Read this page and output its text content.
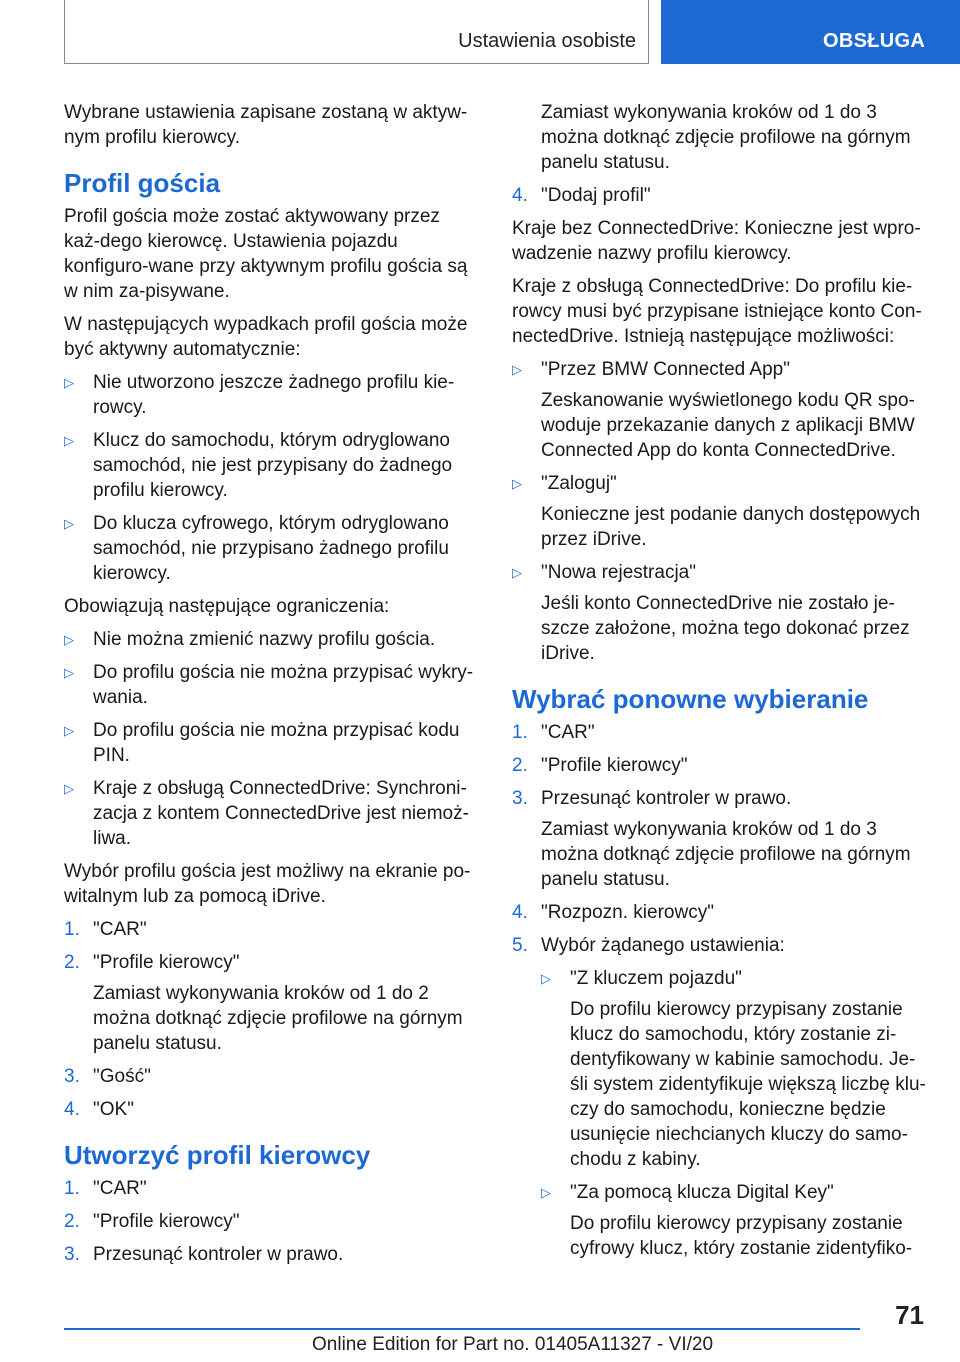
Ustawienia osobiste	OBSŁUGA

Wybrane ustawienia zapisane zostaną w aktyw-nym profilu kierowcy.

Profil gościa

Profil gościa może zostać aktywowany przez każ-dego kierowcę. Ustawienia pojazdu konfiguro-wane przy aktywnym profilu gościa są w nim za-pisywane.

W następujących wypadkach profil gościa może być aktywny automatycznie:

▷	Nie utworzono jeszcze żadnego profilu kie-rowcy.
▷	Klucz do samochodu, którym odryglowano samochód, nie jest przypisany do żadnego profilu kierowcy.
▷	Do klucza cyfrowego, którym odryglowano samochód, nie przypisano żadnego profilu kierowcy.

Obowiązują następujące ograniczenia:

▷	Nie można zmienić nazwy profilu gościa.
▷	Do profilu gościa nie można przypisać wykry-wania.
▷	Do profilu gościa nie można przypisać kodu PIN.
▷	Kraje z obsługą ConnectedDrive: Synchroni-zacja z kontem ConnectedDrive jest niemoż-liwa.

Wybór profilu gościa jest możliwy na ekranie po-witalnym lub za pomocą iDrive.

1. "CAR"
2. "Profile kierowcy"
Zamiast wykonywania kroków od 1 do 2 można dotknąć zdjęcie profilowe na górnym panelu statusu.
3. "Gość"
4. "OK"
Utworzyć profil kierowcy
1. "CAR"
2. "Profile kierowcy"
3. Przesunąć kontroler w prawo.
Zamiast wykonywania kroków od 1 do 3 można dotknąć zdjęcie profilowe na górnym panelu statusu.
4. "Dodaj profil"

Kraje bez ConnectedDrive: Konieczne jest wpro-wadzenie nazwy profilu kierowcy.

Kraje z obsługą ConnectedDrive: Do profilu kie-rowcy musi być przypisane istniejące konto Con-nectedDrive. Istnieją następujące możliwości:

▷	"Przez BMW Connected App"
Zeskanowanie wyświetlonego kodu QR spo-woduje przekazanie danych z aplikacji BMW Connected App do konta ConnectedDrive.
▷	"Zaloguj"
Konieczne jest podanie danych dostępowych przez iDrive.
▷	"Nowa rejestracja"
Jeśli konto ConnectedDrive nie zostało je-szcze założone, można tego dokonać przez iDrive.
Wybrać ponowne wybieranie
1. "CAR"
2. "Profile kierowcy"
3. Przesunąć kontroler w prawo.
Zamiast wykonywania kroków od 1 do 3 można dotknąć zdjęcie profilowe na górnym panelu statusu.
4. "Rozpozn. kierowcy"
5. Wybór żądanego ustawienia:
▷	"Z kluczem pojazdu"
Do profilu kierowcy przypisany zostanie klucz do samochodu, który zostanie zi-dentyfikowany w kabinie samochodu. Je-śli system zidentyfikuje większą liczbę klu-czy do samochodu, konieczne będzie usunięcie niechcianych kluczy do samo-chodu z kabiny.
▷	"Za pomocą klucza Digital Key"
Do profilu kierowcy przypisany zostanie cyfrowy klucz, który zostanie zidentyfiko-
71
Online Edition for Part no. 01405A11327 - VI/20
